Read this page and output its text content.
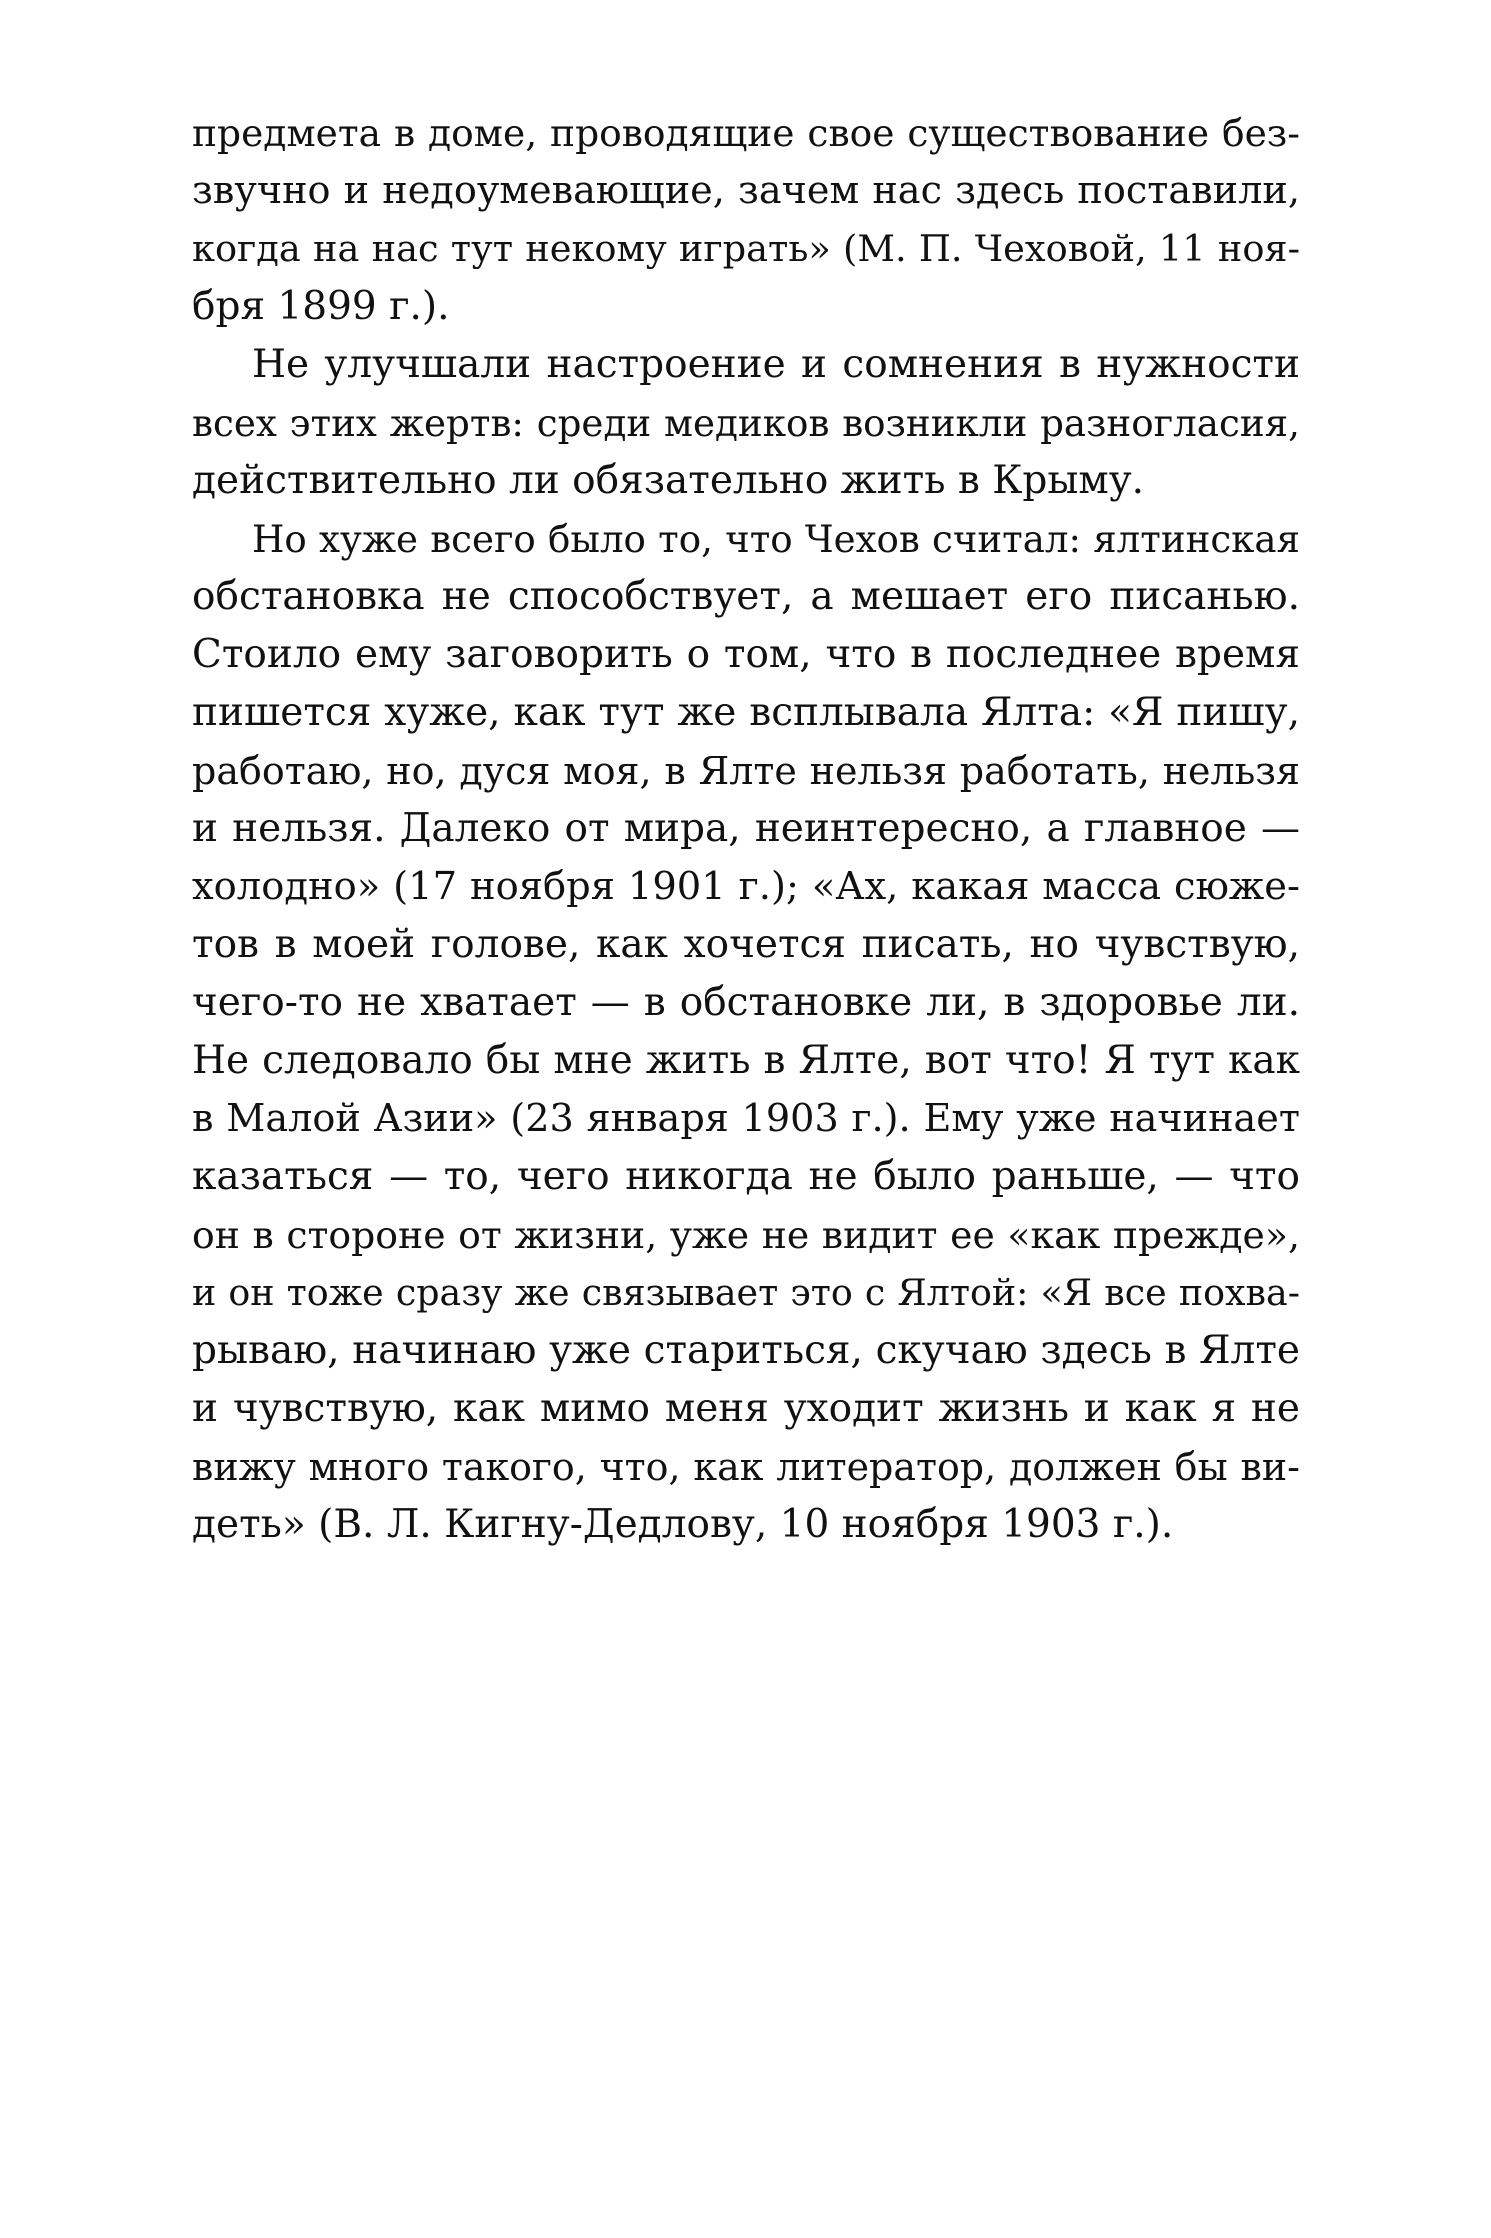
предмета в доме, проводящие свое существование без-
звучно и недоумевающие, зачем нас здесь поставили,
когда на нас тут некому играть» (М. П. Чеховой, 11 ноя-
бря 1899 г.).
Не улучшали настроение и сомнения в нужности
всех этих жертв: среди медиков возникли разногласия,
действительно ли обязательно жить в Крыму.
Но хуже всего было то, что Чехов считал: ялтинская
обстановка не способствует, а мешает его писанью.
Стоило ему заговорить о том, что в последнее время
пишется хуже, как тут же всплывала Ялта: «Я пишу,
работаю, но, дуся моя, в Ялте нельзя работать, нельзя
и нельзя. Далеко от мира, неинтересно, а главное —
холодно» (17 ноября 1901 г.); «Ах, какая масса сюже-
тов в моей голове, как хочется писать, но чувствую,
чего-то не хватает — в обстановке ли, в здоровье ли.
Не следовало бы мне жить в Ялте, вот что! Я тут как
в Малой Азии» (23 января 1903 г.). Ему уже начинает
казаться — то, чего никогда не было раньше, — что
он в стороне от жизни, уже не видит ее «как прежде»,
и он тоже сразу же связывает это с Ялтой: «Я все похва-
рываю, начинаю уже стариться, скучаю здесь в Ялте
и чувствую, как мимо меня уходит жизнь и как я не
вижу много такого, что, как литератор, должен бы ви-
деть» (В. Л. Кигну-Дедлову, 10 ноября 1903 г.).
